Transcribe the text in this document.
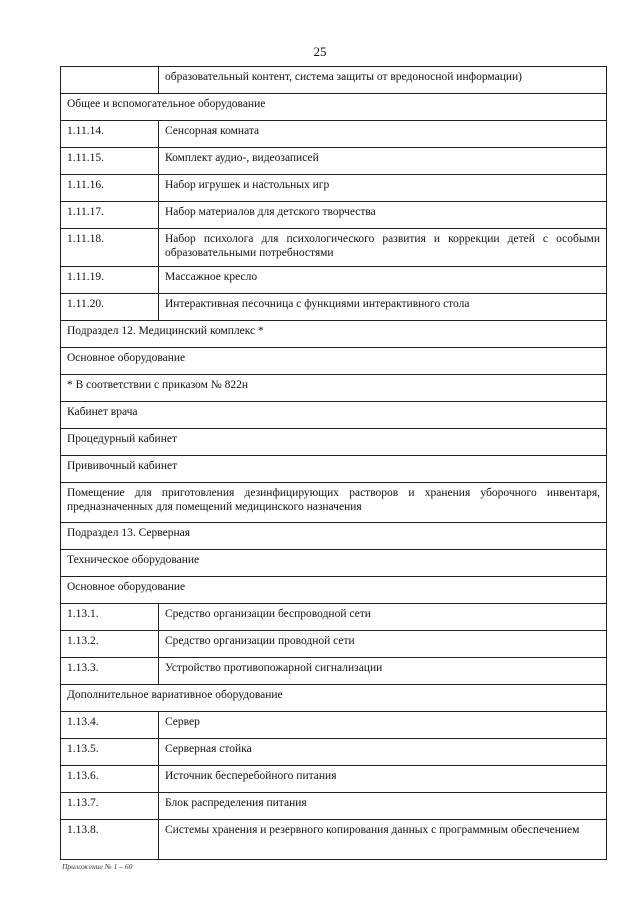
25
	образовательный контент, система защиты от вредоносной информации)
Общее и вспомогательное оборудование	
1.11.14.	Сенсорная комната
1.11.15.	Комплект аудио-, видеозаписей
1.11.16.	Набор игрушек и настольных игр
1.11.17.	Набор материалов для детского творчества
1.11.18.	Набор психолога для психологического развития и коррекции детей с особыми образовательными потребностями
1.11.19.	Массажное кресло
1.11.20.	Интерактивная песочница с функциями интерактивного стола
Подраздел 12. Медицинский комплекс *	
Основное оборудование	
* В соответствии с приказом № 822н	
Кабинет врача	
Процедурный кабинет	
Прививочный кабинет	
Помещение для приготовления дезинфицирующих растворов и хранения уборочного инвентаря, предназначенных для помещений медицинского назначения	
Подраздел 13. Серверная	
Техническое оборудование	
Основное оборудование	
1.13.1.	Средство организации беспроводной сети
1.13.2.	Средство организации проводной сети
1.13.3.	Устройство противопожарной сигнализации
Дополнительное вариативное оборудование	
1.13.4.	Сервер
1.13.5.	Серверная стойка
1.13.6.	Источник бесперебойного питания
1.13.7.	Блок распределения питания
1.13.8.	Системы хранения и резервного копирования данных с программным обеспечением
Приложение № 1 – 60
